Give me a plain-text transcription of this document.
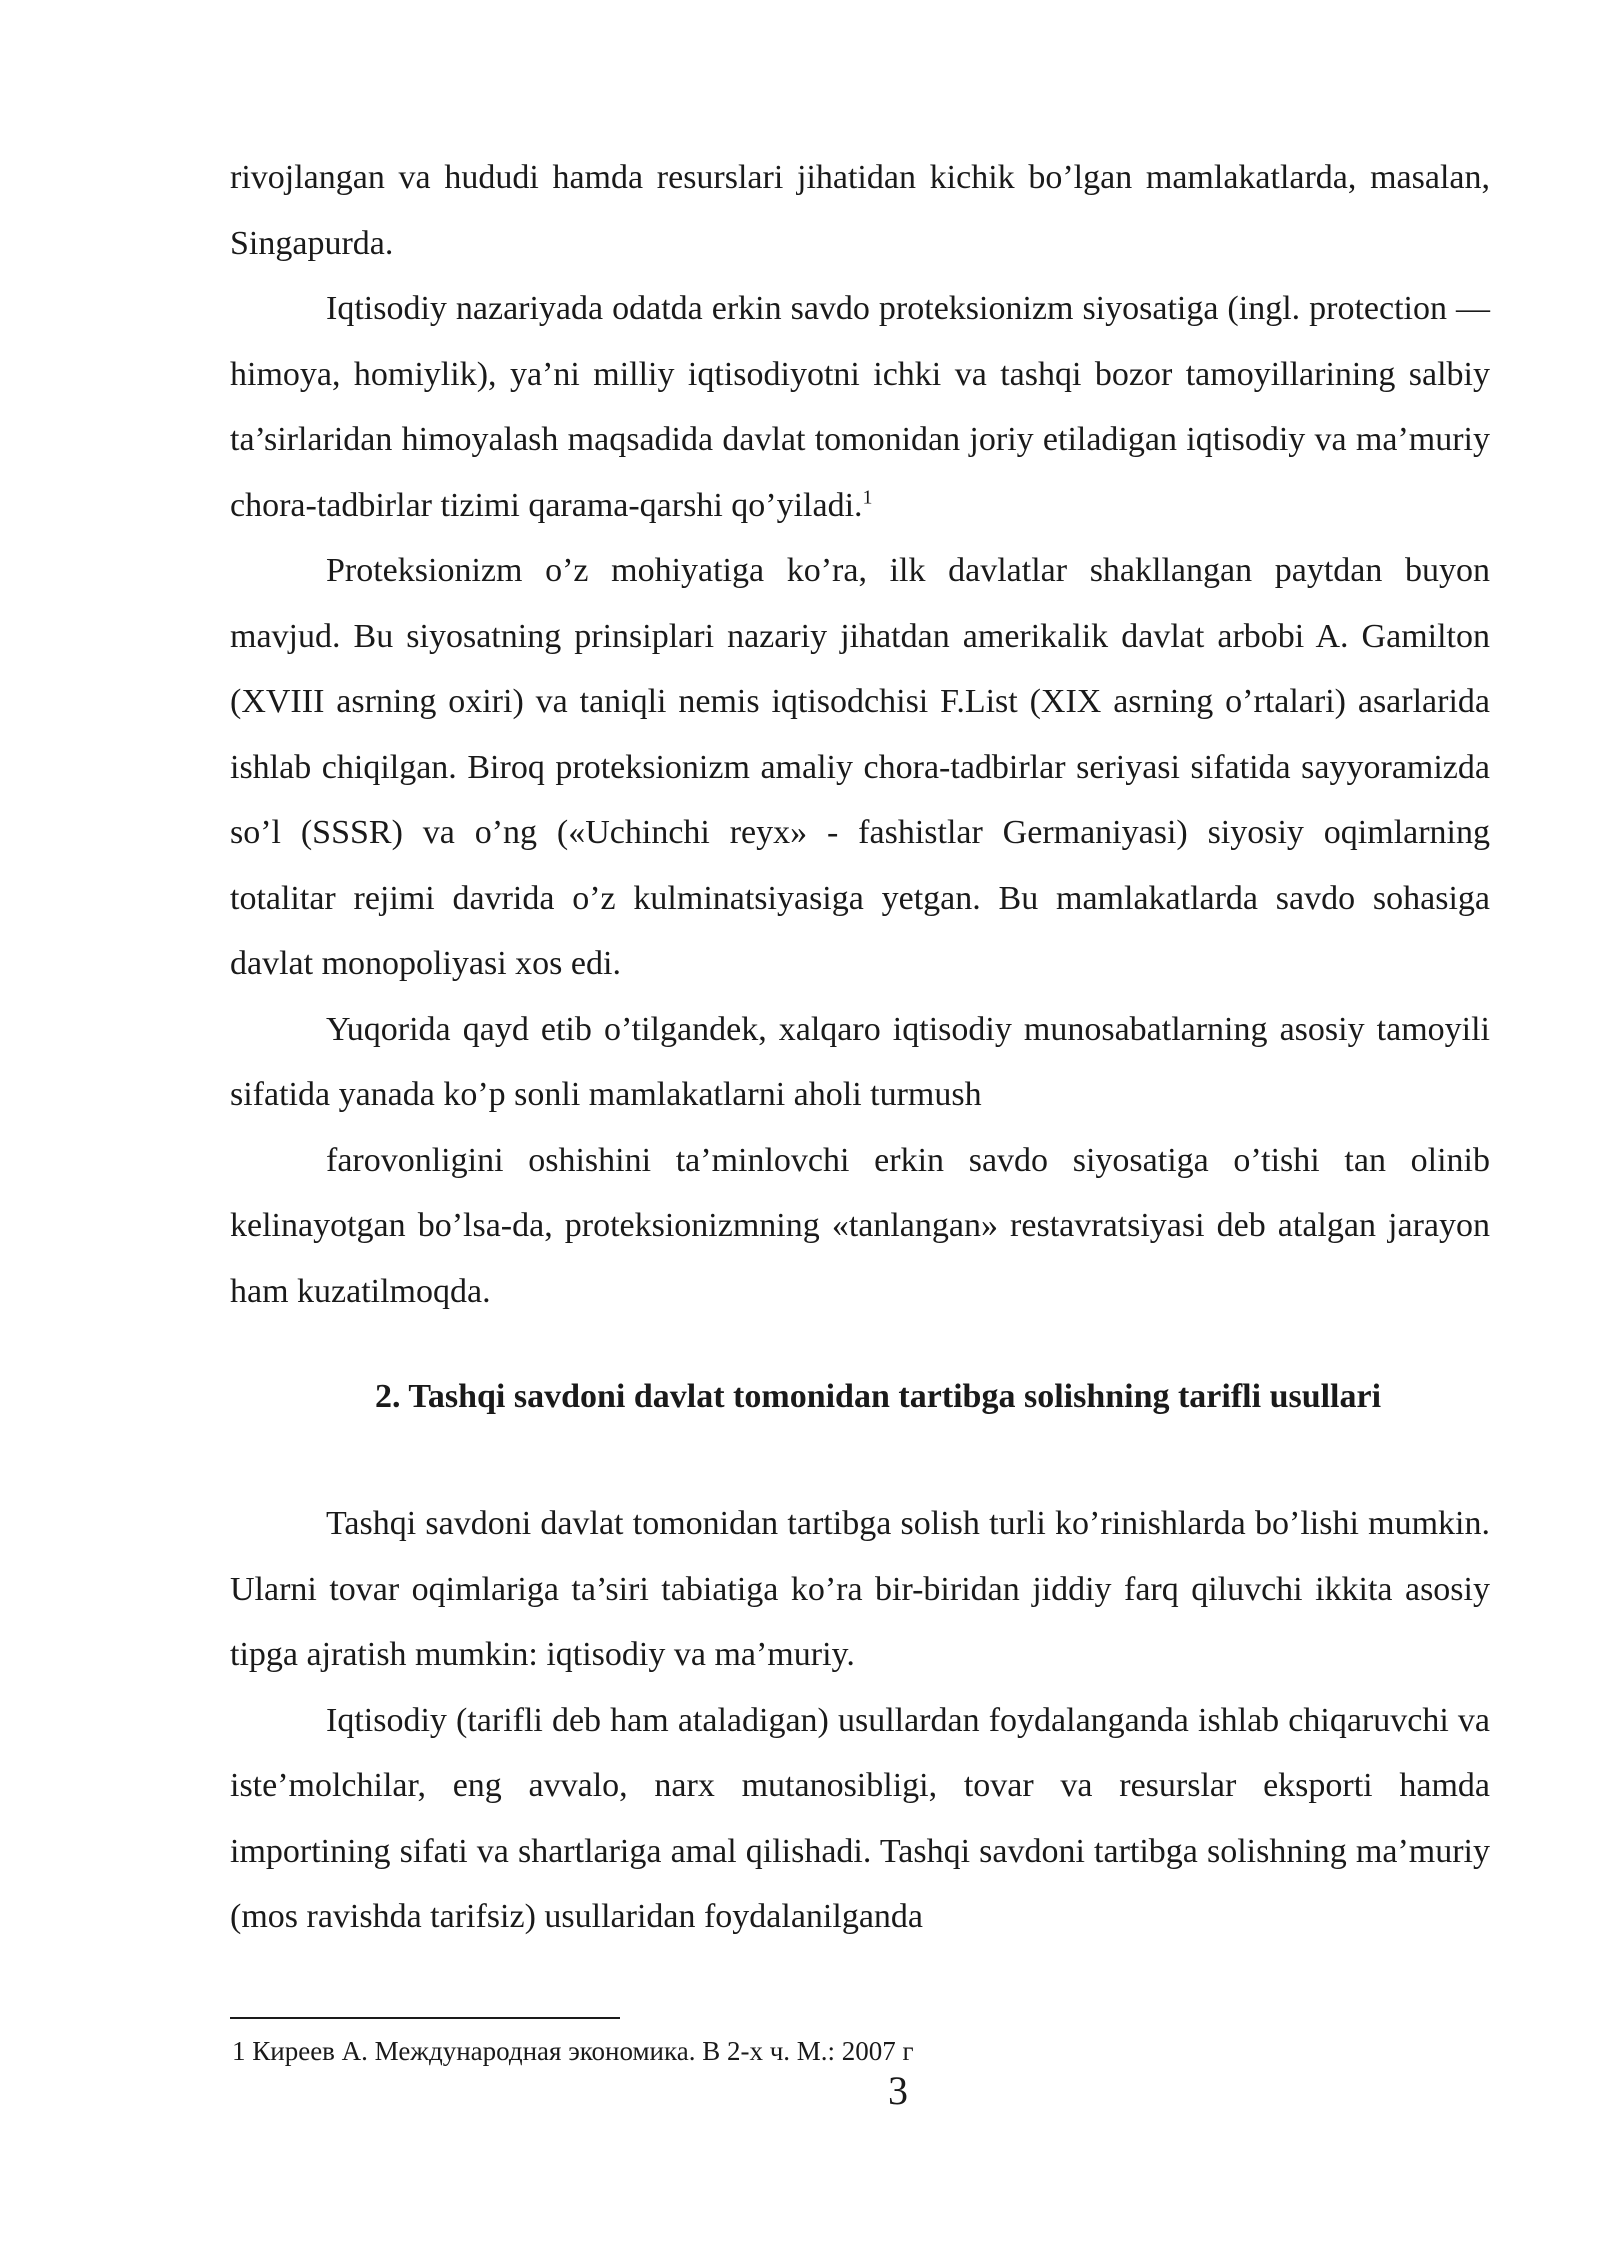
rivojlangan va hududi hamda resurslari jihatidan kichik bo’lgan mamlakatlarda, masalan, Singapurda.

Iqtisodiy nazariyada odatda erkin savdo proteksionizm siyosatiga (ingl. protection — himoya, homiylik), ya’ni milliy iqtisodiyotni ichki va tashqi bozor tamoyillarining salbiy ta’sirlaridan himoyalash maqsadida davlat tomonidan joriy etiladigan iqtisodiy va ma’muriy chora-tadbirlar tizimi qarama-qarshi qo’yiladi.$^1$

Proteksionizm o’z mohiyatiga ko’ra, ilk davlatlar shakllangan paytdan buyon mavjud. Bu siyosatning prinsiplari nazariy jihatdan amerikalik davlat arbobi A. Gamilton (XVIII asrning oxiri) va taniqli nemis iqtisodchisi F.List (XIX asrning o’rtalari) asarlarida ishlab chiqilgan. Biroq proteksionizm amaliy chora-tadbirlar seriyasi sifatida sayyoramizda so’l (SSSR) va o’ng («Uchinchi reyx» - fashistlar Germaniyasi) siyosiy oqimlarning totalitar rejimi davrida o’z kulminatsiyasiga yetgan. Bu mamlakatlarda savdo sohasiga davlat monopoliyasi xos edi.

Yuqorida qayd etib o’tilgandek, xalqaro iqtisodiy munosabatlarning asosiy tamoyili sifatida yanada ko’p sonli mamlakatlarni aholi turmush

farovonligini oshishini ta’minlovchi erkin savdo siyosatiga o’tishi tan olinib kelinayotgan bo’lsa-da, proteksionizmning «tanlangan» restavratsiyasi deb atalgan jarayon ham kuzatilmoqda.

2. Tashqi savdoni davlat tomonidan tartibga solishning tarifli usullari

Tashqi savdoni davlat tomonidan tartibga solish turli ko’rinishlarda bo’lishi mumkin. Ularni tovar oqimlariga ta’siri tabiatiga ko’ra bir-biridan jiddiy farq qiluvchi ikkita asosiy tipga ajratish mumkin: iqtisodiy va ma’muriy.

Iqtisodiy (tarifli deb ham ataladigan) usullardan foydalanganda ishlab chiqaruvchi va iste’molchilar, eng avvalo, narx mutanosibligi, tovar va resurslar eksporti hamda importining sifati va shartlariga amal qilishadi. Tashqi savdoni tartibga solishning ma’muriy (mos ravishda tarifsiz) usullaridan foydalanilganda

1 Киреев А. Международная экономика. В 2-х ч. М.: 2007 г

3
